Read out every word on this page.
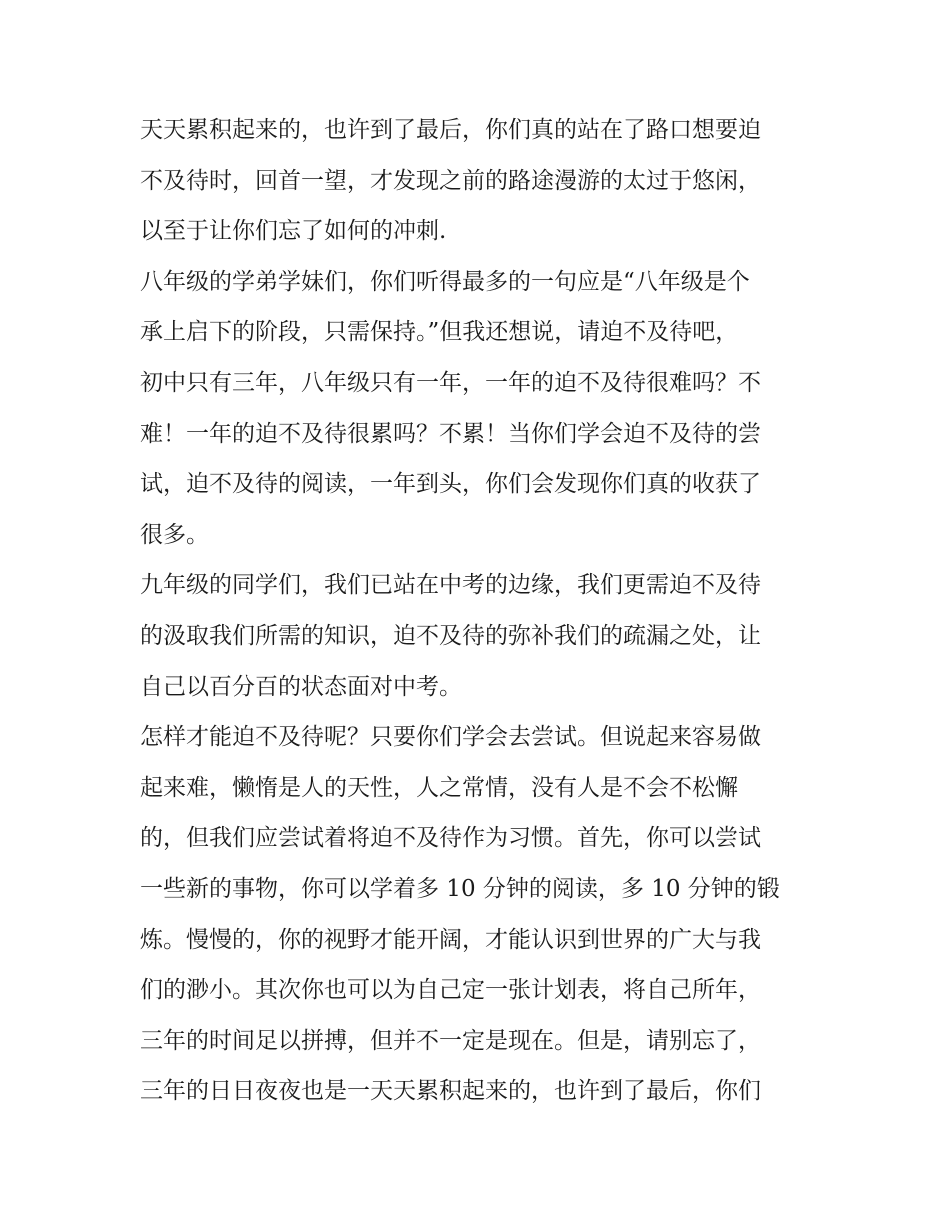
天天累积起来的，也许到了最后，你们真的站在了路口想要迫
不及待时，回首一望，才发现之前的路途漫游的太过于悠闲，
以至于让你们忘了如何的冲刺.
八年级的学弟学妹们，你们听得最多的一句应是“八年级是个
承上启下的阶段，只需保持。”但我还想说，请迫不及待吧，
初中只有三年，八年级只有一年，一年的迫不及待很难吗？不
难！一年的迫不及待很累吗？不累！当你们学会迫不及待的尝
试，迫不及待的阅读，一年到头，你们会发现你们真的收获了
很多。
九年级的同学们，我们已站在中考的边缘，我们更需迫不及待
的汲取我们所需的知识，迫不及待的弥补我们的疏漏之处，让
自己以百分百的状态面对中考。
怎样才能迫不及待呢？只要你们学会去尝试。但说起来容易做
起来难，懒惰是人的天性，人之常情，没有人是不会不松懈
的，但我们应尝试着将迫不及待作为习惯。首先，你可以尝试
一些新的事物，你可以学着多 10 分钟的阅读，多 10 分钟的锻
炼。慢慢的，你的视野才能开阔，才能认识到世界的广大与我
们的渺小。其次你也可以为自己定一张计划表，将自己所年，
三年的时间足以拼搏，但并不一定是现在。但是，请别忘了，
三年的日日夜夜也是一天天累积起来的，也许到了最后，你们
